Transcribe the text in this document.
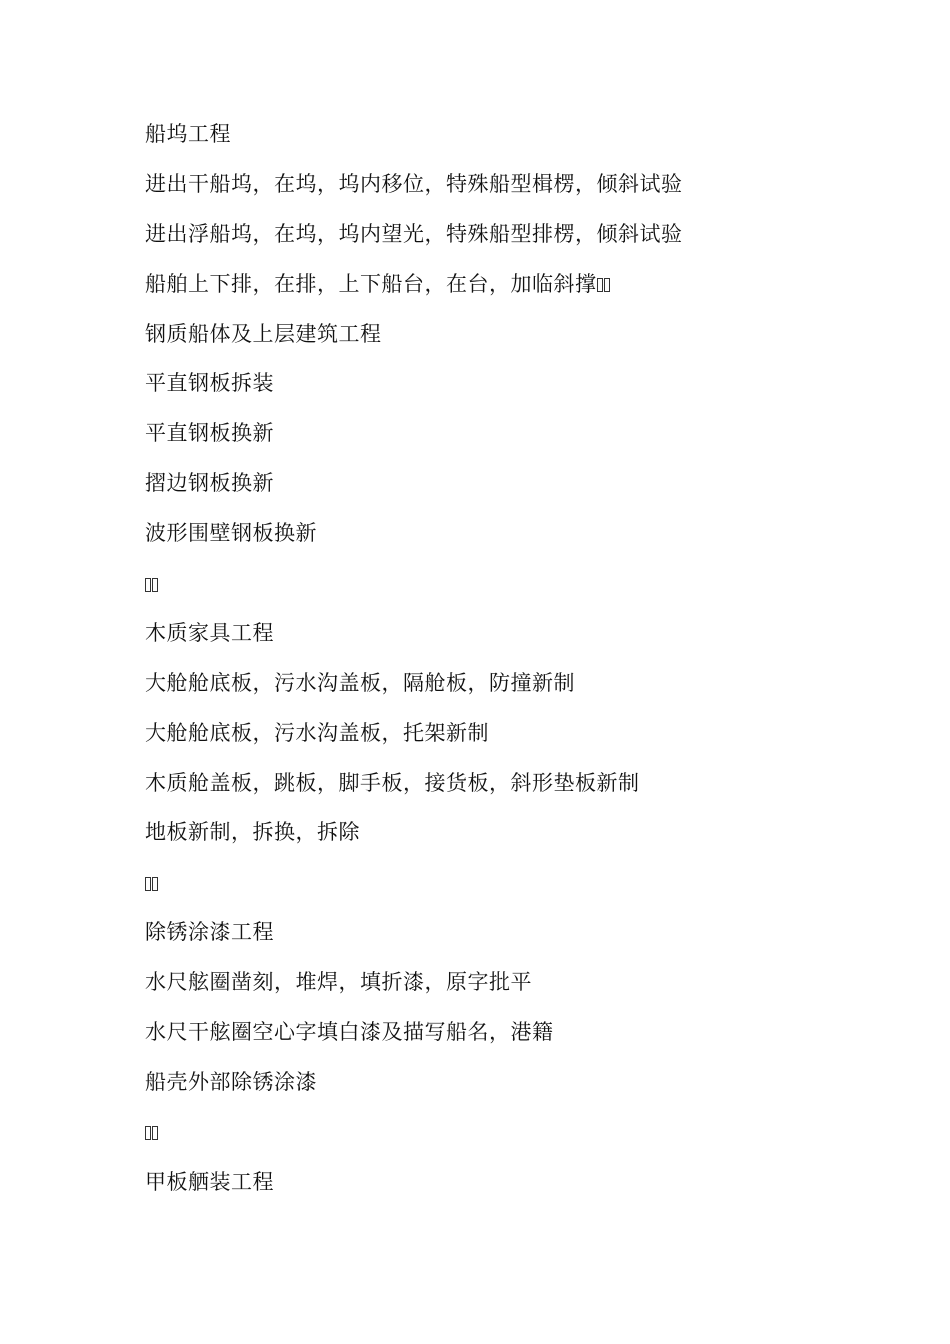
船坞工程
进出干船坞，在坞，坞内移位，特殊船型楫楞，倾斜试验
进出浮船坞，在坞，坞内望光，特殊船型排楞，倾斜试验
船舶上下排，在排，上下船台，在台，加临斜撑
钢质船体及上层建筑工程
平直钢板拆装
平直钢板换新
摺边钢板换新
波形围壁钢板换新
木质家具工程
大舱舱底板，污水沟盖板，隔舱板，防撞新制
大舱舱底板，污水沟盖板，托架新制
木质舱盖板，跳板，脚手板，接货板，斜形垫板新制
地板新制，拆换，拆除
除锈涂漆工程
水尺舷圈凿刻，堆焊，填折漆，原字批平
水尺干舷圈空心字填白漆及描写船名，港籍
船壳外部除锈涂漆
甲板舾装工程
